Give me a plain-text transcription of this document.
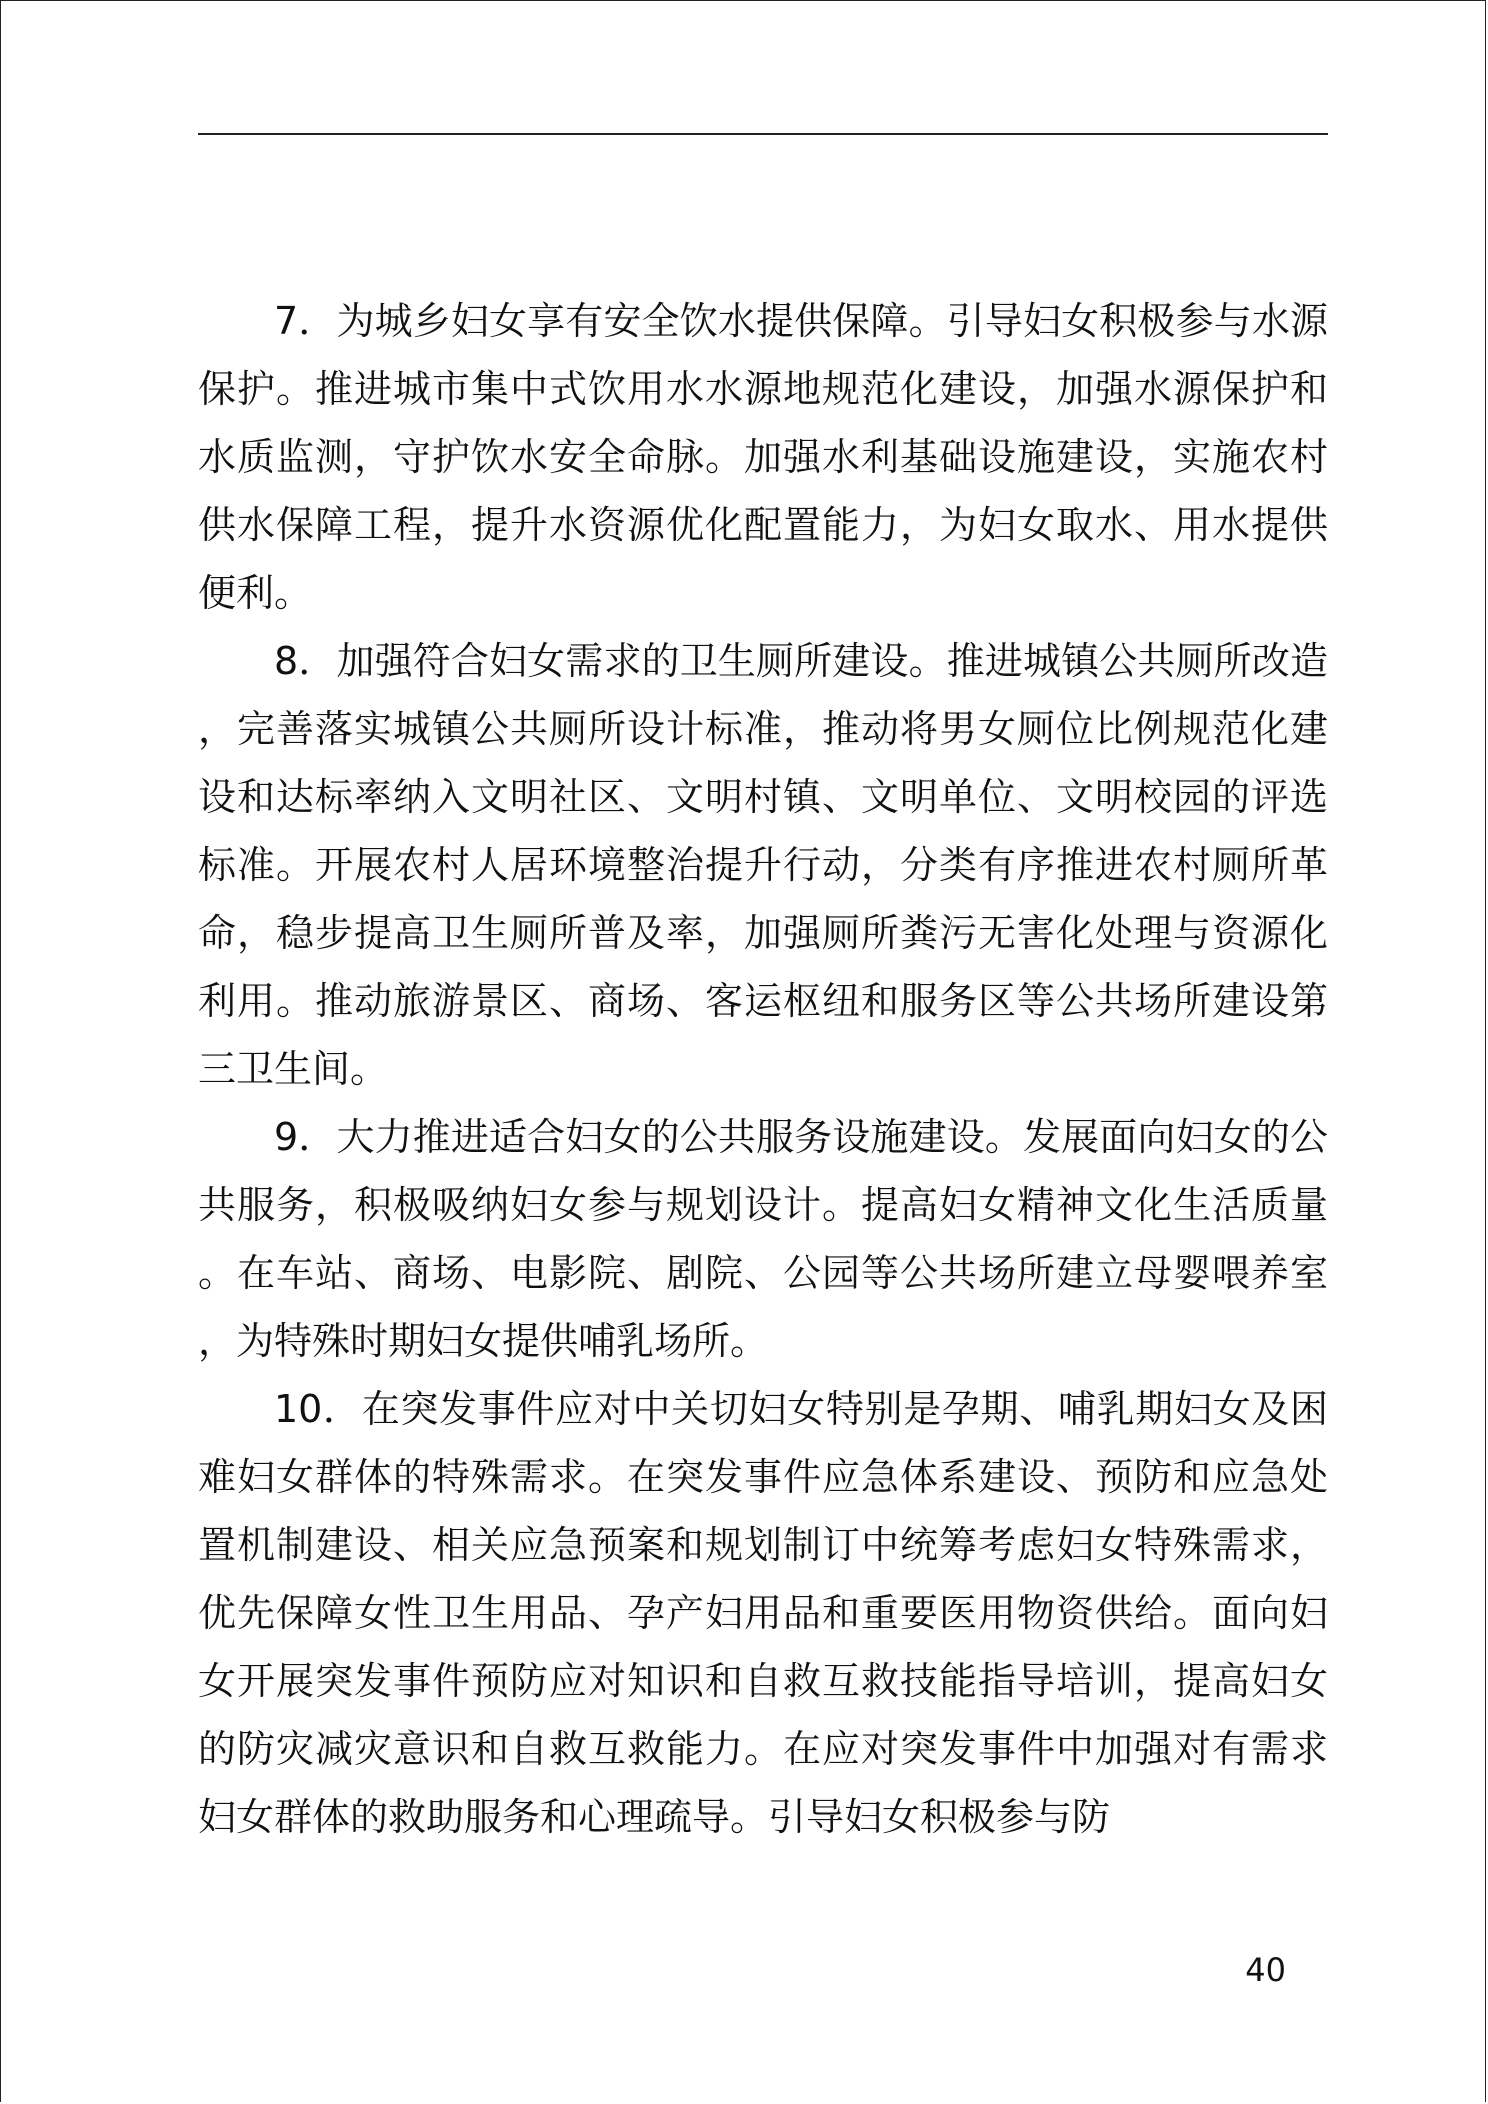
7．为城乡妇女享有安全饮水提供保障。引导妇女积极参与水源保护。推进城市集中式饮用水水源地规范化建设，加强水源保护和水质监测，守护饮水安全命脉。加强水利基础设施建设，实施农村供水保障工程，提升水资源优化配置能力，为妇女取水、用水提供便利。

8．加强符合妇女需求的卫生厕所建设。推进城镇公共厕所改造，完善落实城镇公共厕所设计标准，推动将男女厕位比例规范化建设和达标率纳入文明社区、文明村镇、文明单位、文明校园的评选标准。开展农村人居环境整治提升行动，分类有序推进农村厕所革命，稳步提高卫生厕所普及率，加强厕所粪污无害化处理与资源化利用。推动旅游景区、商场、客运枢纽和服务区等公共场所建设第三卫生间。

9．大力推进适合妇女的公共服务设施建设。发展面向妇女的公共服务，积极吸纳妇女参与规划设计。提高妇女精神文化生活质量。在车站、商场、电影院、剧院、公园等公共场所建立母婴喂养室，为特殊时期妇女提供哺乳场所。

10．在突发事件应对中关切妇女特别是孕期、哺乳期妇女及困难妇女群体的特殊需求。在突发事件应急体系建设、预防和应急处置机制建设、相关应急预案和规划制订中统筹考虑妇女特殊需求，优先保障女性卫生用品、孕产妇用品和重要医用物资供给。面向妇女开展突发事件预防应对知识和自救互救技能指导培训，提高妇女的防灾减灾意识和自救互救能力。在应对突发事件中加强对有需求妇女群体的救助服务和心理疏导。引导妇女积极参与防

40
